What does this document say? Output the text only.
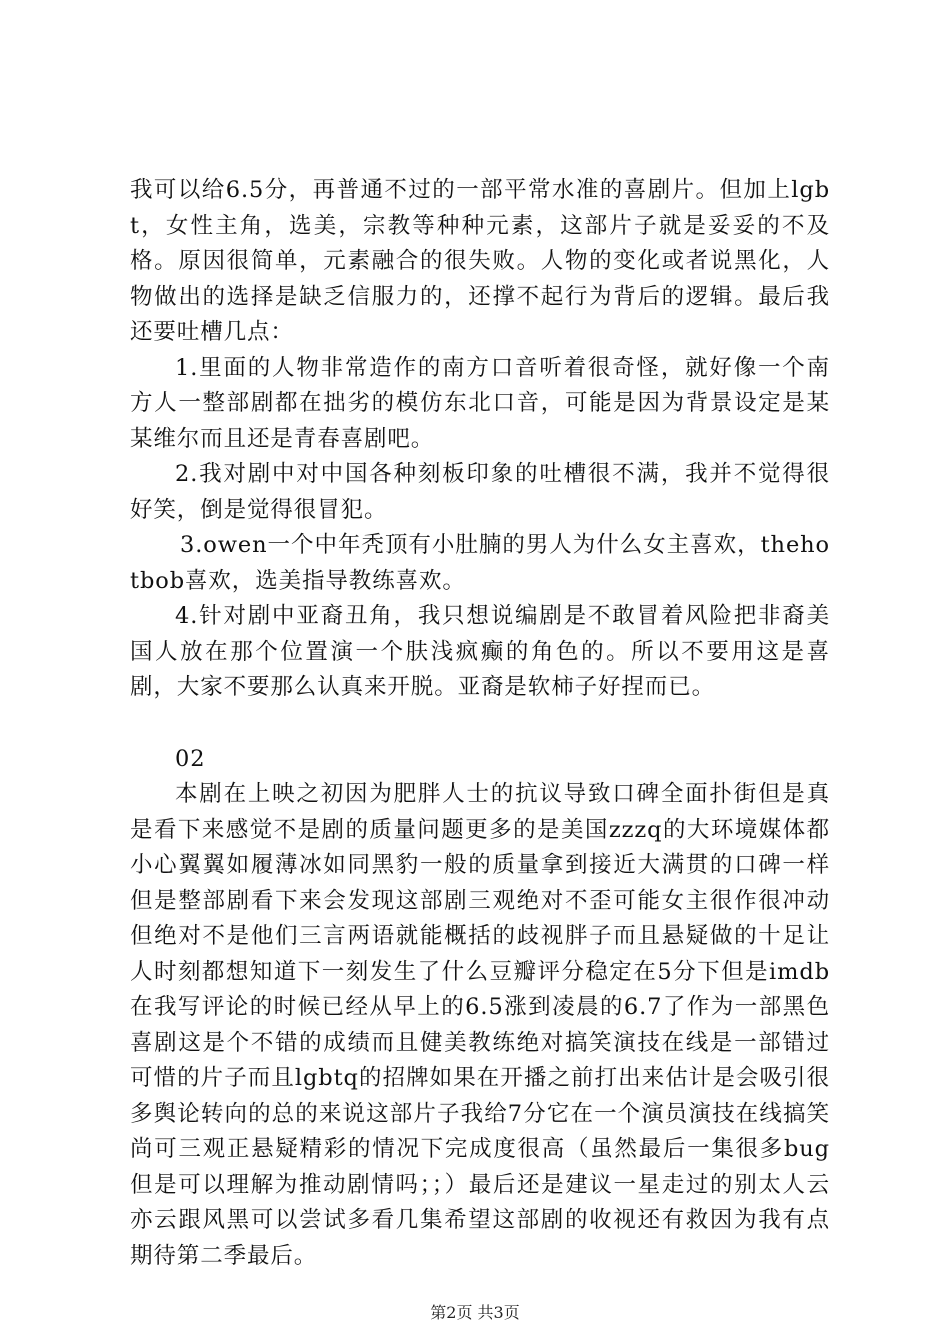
我可以给6.5分，再普通不过的一部平常水准的喜剧片。但加上lgbt，女性主角，选美，宗教等种种元素，这部片子就是妥妥的不及格。原因很简单，元素融合的很失败。人物的变化或者说黑化，人物做出的选择是缺乏信服力的，还撑不起行为背后的逻辑。最后我还要吐槽几点：

1.里面的人物非常造作的南方口音听着很奇怪，就好像一个南方人一整部剧都在拙劣的模仿东北口音，可能是因为背景设定是某某维尔而且还是青春喜剧吧。

2.我对剧中对中国各种刻板印象的吐槽很不满，我并不觉得很好笑，倒是觉得很冒犯。

3.owen一个中年秃顶有小肚腩的男人为什么女主喜欢，thehotbob喜欢，选美指导教练喜欢。

4.针对剧中亚裔丑角，我只想说编剧是不敢冒着风险把非裔美国人放在那个位置演一个肤浅疯癫的角色的。所以不要用这是喜剧，大家不要那么认真来开脱。亚裔是软柿子好捏而已。

02

本剧在上映之初因为肥胖人士的抗议导致口碑全面扑街但是真是看下来感觉不是剧的质量问题更多的是美国zzzq的大环境媒体都小心翼翼如履薄冰如同黑豹一般的质量拿到接近大满贯的口碑一样但是整部剧看下来会发现这部剧三观绝对不歪可能女主很作很冲动但绝对不是他们三言两语就能概括的歧视胖子而且悬疑做的十足让人时刻都想知道下一刻发生了什么豆瓣评分稳定在5分下但是imdb在我写评论的时候已经从早上的6.5涨到凌晨的6.7了作为一部黑色喜剧这是个不错的成绩而且健美教练绝对搞笑演技在线是一部错过可惜的片子而且lgbtq的招牌如果在开播之前打出来估计是会吸引很多舆论转向的总的来说这部片子我给7分它在一个演员演技在线搞笑尚可三观正悬疑精彩的情况下完成度很高（虽然最后一集很多bug但是可以理解为推动剧情吗；；）最后还是建议一星走过的别太人云亦云跟风黑可以尝试多看几集希望这部剧的收视还有救因为我有点期待第二季最后。

第2页 共3页
